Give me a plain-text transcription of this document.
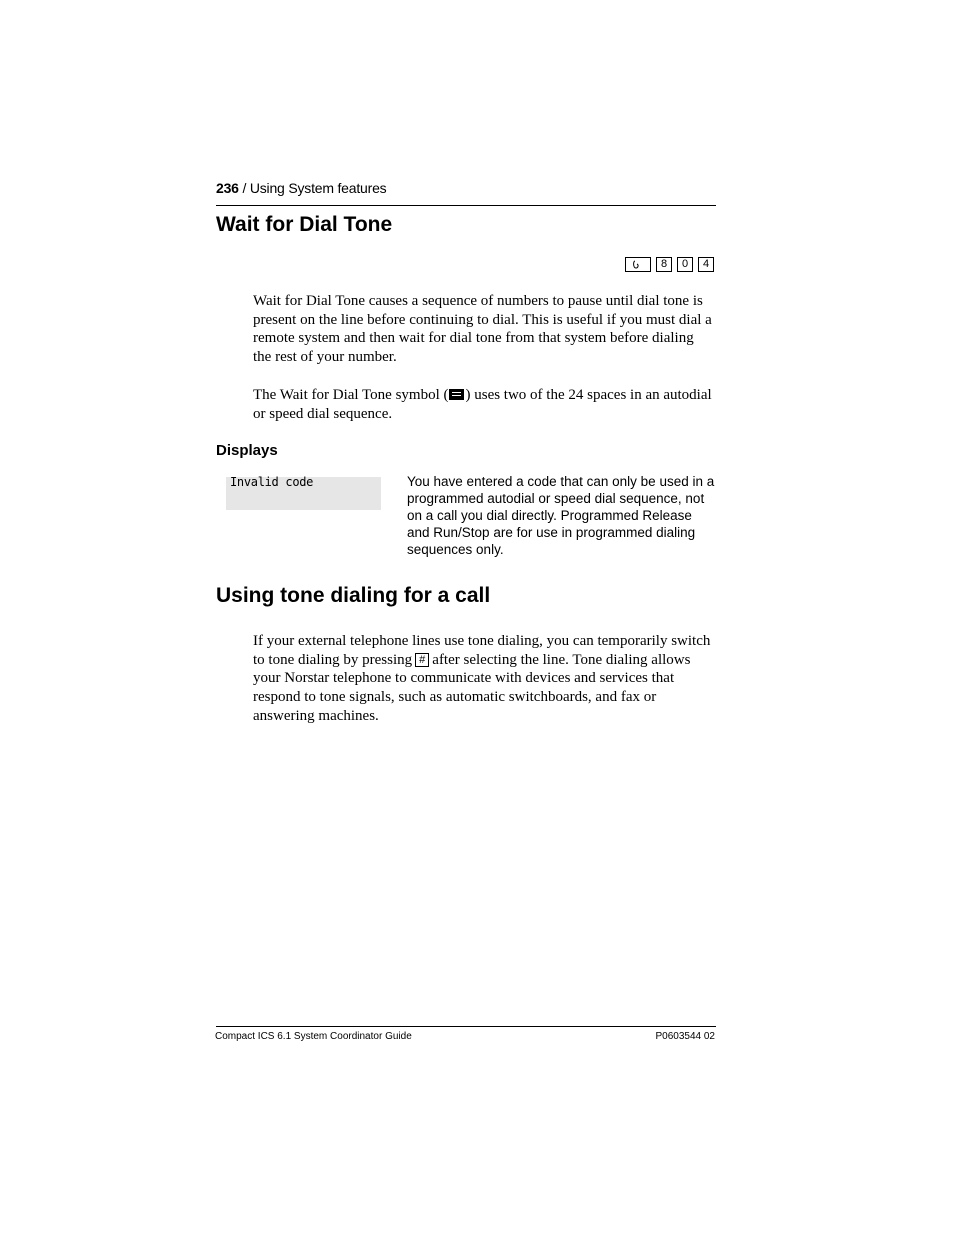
236 / Using System features
Wait for Dial Tone
8	0	4

Wait for Dial Tone causes a sequence of numbers to pause until dial tone is present on the line before continuing to dial. This is useful if you must dial a remote system and then wait for dial tone from that system before dialing the rest of your number.

The Wait for Dial Tone symbol ( ) uses two of the 24 spaces in an autodial or speed dial sequence.

Displays
Invalid code	You have entered a code that can only be used in a programmed autodial or speed dial sequence, not on a call you dial directly. Programmed Release and Run/Stop are for use in programmed dialing sequences only.

Using tone dialing for a call

If your external telephone lines use tone dialing, you can temporarily switch to tone dialing by pressing # after selecting the line. Tone dialing allows your Norstar telephone to communicate with devices and services that respond to tone signals, such as automatic switchboards, and fax or answering machines.

Compact ICS 6.1 System Coordinator Guide	P0603544 02
